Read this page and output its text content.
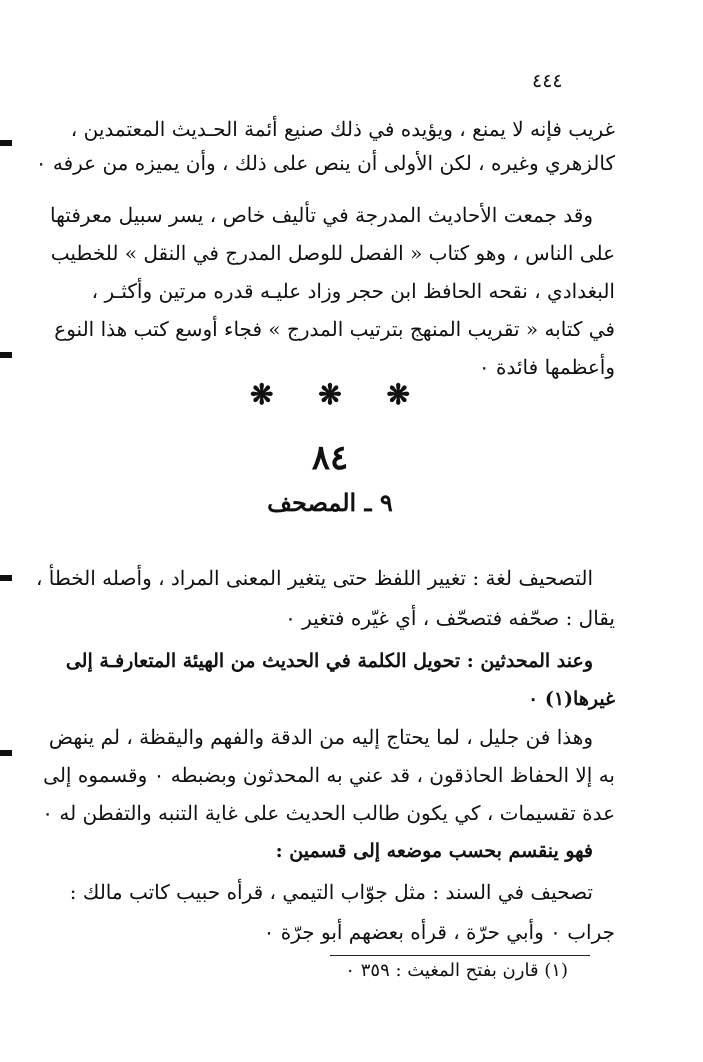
٤٤٤

غريب فإنه لا يمنع ، ويؤيده في ذلك صنيع أئمة الحـديث المعتمدين ،

كالزهري وغيره ، لكن الأولى أن ينص على ذلك ، وأن يميزه من عرفه ٠

وقد جمعت الأحاديث المدرجة في تأليف خاص ، يسر سبيل معرفتها

على الناس ، وهو كتاب « الفصل للوصل المدرج في النقل » للخطيب

البغدادي ، نقحه الحافظ ابن حجر وزاد عليـه قدره مرتين وأكثـر ،

في كتابه « تقريب المنهج بترتيب المدرج » فجاء أوسع كتب هذا النوع

وأعظمها فائدة ٠

❋ ❋ ❋
٨٤
٩ ـ المصحف

التصحيف لغة : تغيير اللفظ حتى يتغير المعنى المراد ، وأصله الخطأ ،

يقال : صحّفه فتصحّف ، أي غيّره فتغير ٠

وعند المحدثين : تحويل الكلمة في الحديث من الهيئة المتعارفـة إلى

غيرها(١) ٠

وهذا فن جليل ، لما يحتاج إليه من الدقة والفهم واليقظة ، لم ينهض

به إلا الحفاظ الحاذقون ، قد عني به المحدثون وبضبطه ٠ وقسموه إلى

عدة تقسيمات ، كي يكون طالب الحديث على غاية التنبه والتفطن له ٠

فهو ينقسم بحسب موضعه إلى قسمين :

تصحيف في السند : مثل جوّاب التيمي ، قرأه حبيب كاتب مالك :

جراب ٠ وأبي حرّة ، قرأه بعضهم أبو جرّة ٠

(١) قارن بفتح المغيث : ٣٥٩ ٠
